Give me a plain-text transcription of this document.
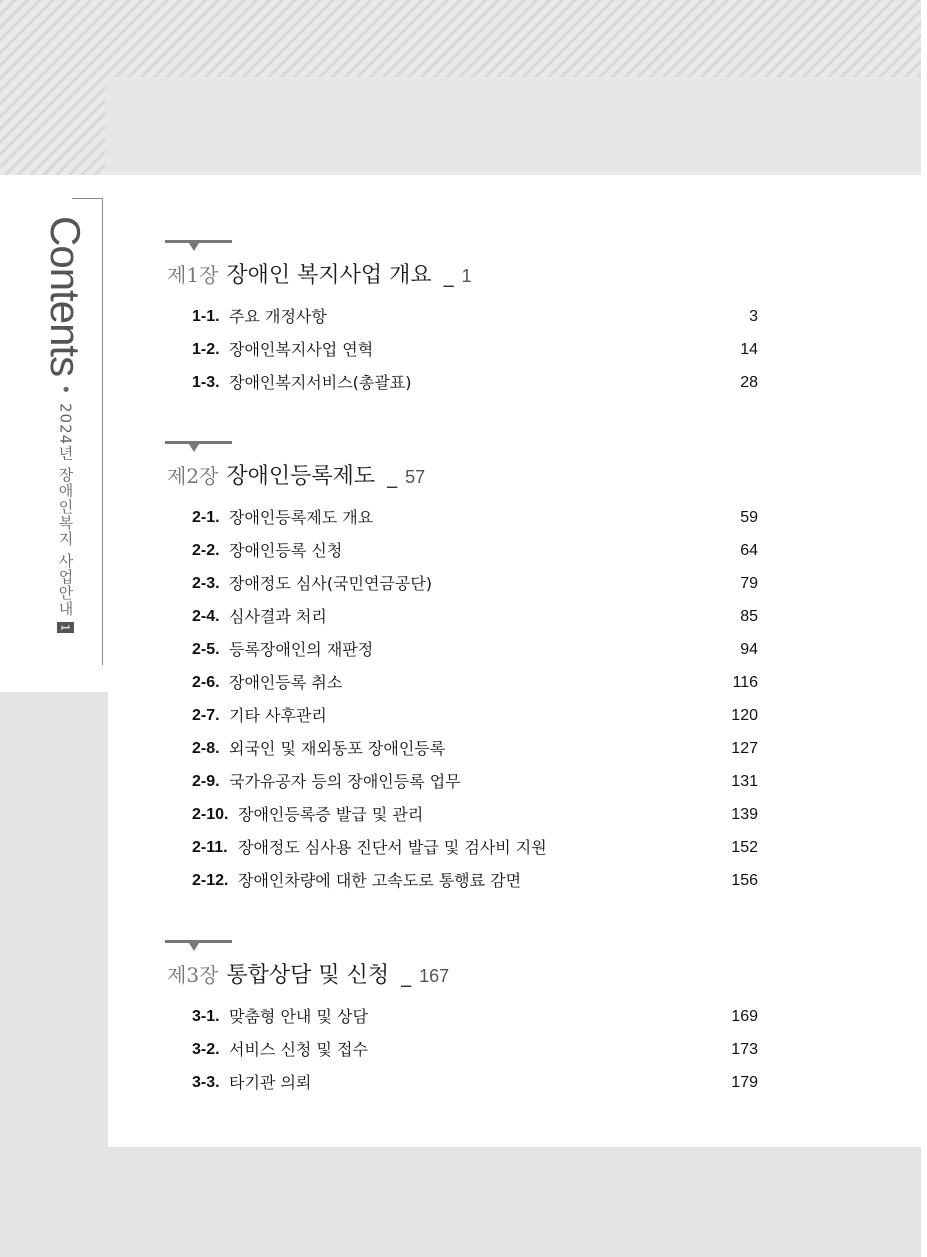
Contents
•
2024년 장애인복지 사업안내
1
제1장 장애인 복지사업 개요 _ 1
1-1. 주요 개정사항	3
1-2. 장애인복지사업 연혁	14
1-3. 장애인복지서비스(총괄표)	28
제2장 장애인등록제도 _ 57
2-1. 장애인등록제도 개요	59
2-2. 장애인등록 신청	64
2-3. 장애정도 심사(국민연금공단)	79
2-4. 심사결과 처리	85
2-5. 등록장애인의 재판정	94
2-6. 장애인등록 취소	116
2-7. 기타 사후관리	120
2-8. 외국인 및 재외동포 장애인등록	127
2-9. 국가유공자 등의 장애인등록 업무	131
2-10. 장애인등록증 발급 및 관리	139
2-11. 장애정도 심사용 진단서 발급 및 검사비 지원	152
2-12. 장애인차량에 대한 고속도로 통행료 감면	156
제3장 통합상담 및 신청 _ 167
3-1. 맞춤형 안내 및 상담	169
3-2. 서비스 신청 및 접수	173
3-3. 타기관 의뢰	179
